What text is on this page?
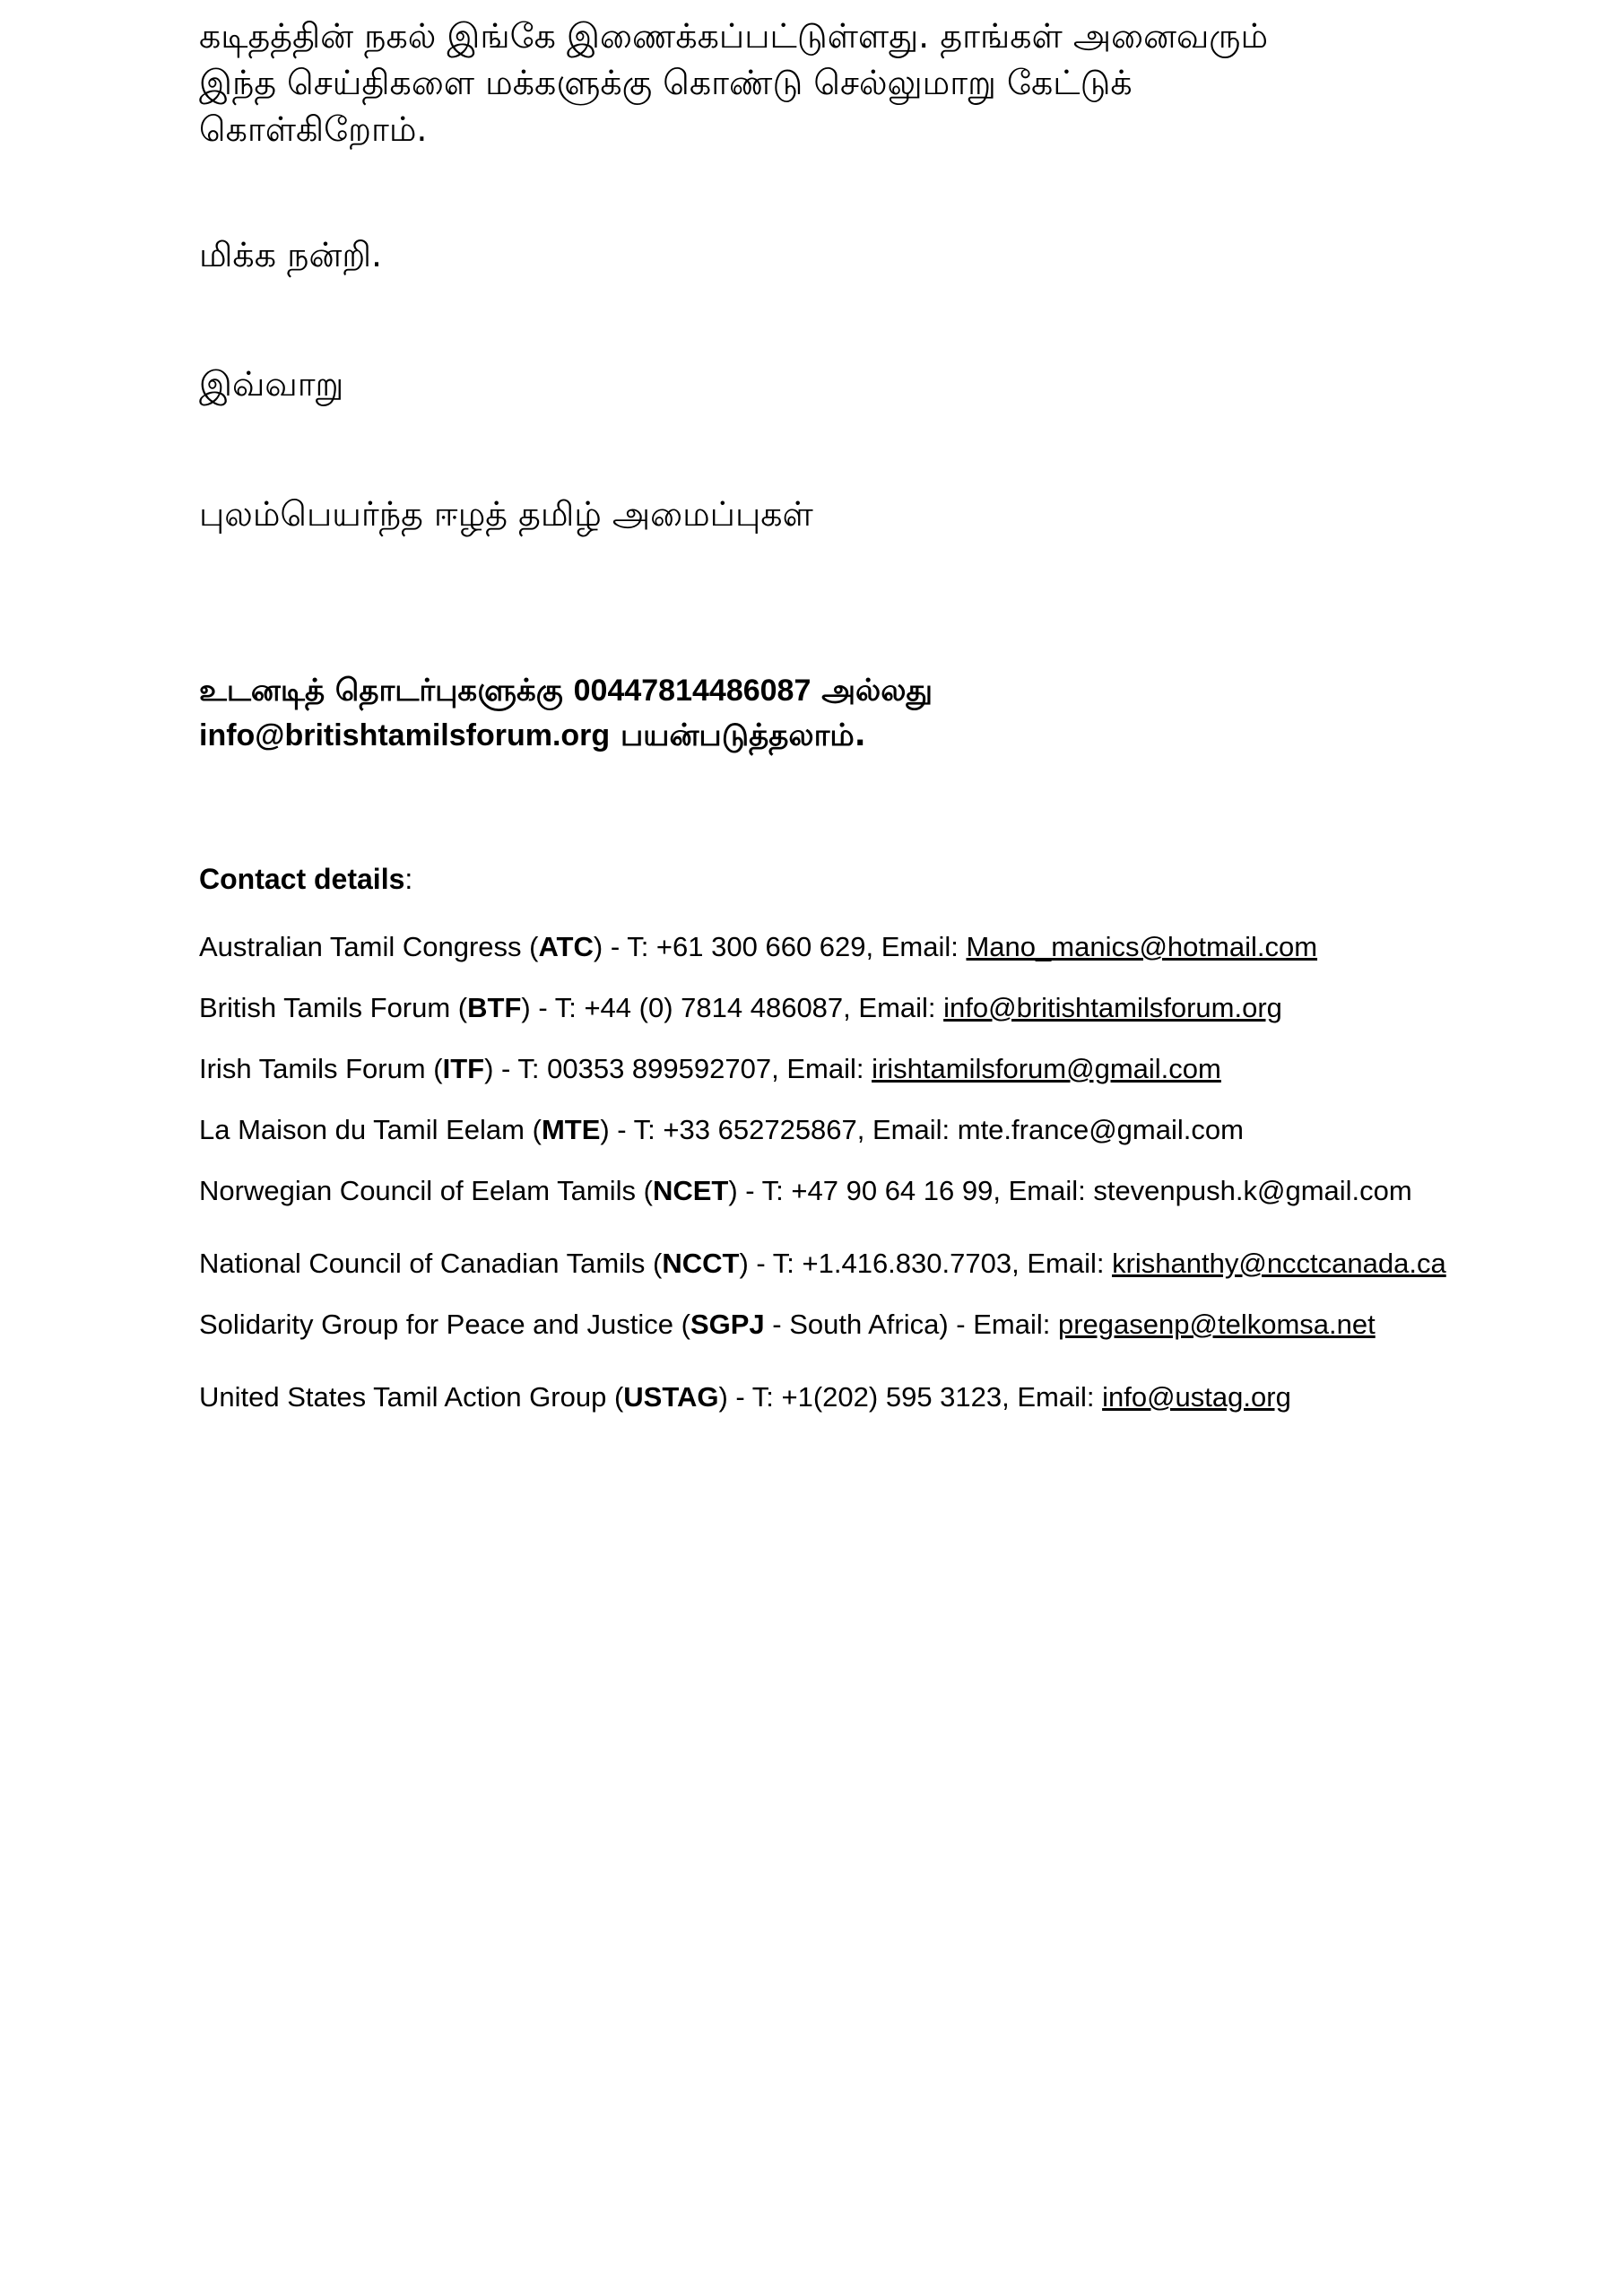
கடிதத்தின் நகல் இங்கே இணைக்கப்பட்டுள்ளது. தாங்கள் அனைவரும்
இந்த செய்திகளை மக்களுக்கு கொண்டு செல்லுமாறு கேட்டுக்
கொள்கிறோம்.

மிக்க நன்றி.

இவ்வாறு

புலம்பெயர்ந்த ஈழத் தமிழ் அமைப்புகள்

உடனடித் தொடர்புகளுக்கு 00447814486087 அல்லது
info@britishtamilsforum.org பயன்படுத்தலாம்.

Contact details:

Australian Tamil Congress (ATC) - T: +61 300 660 629, Email: Mano_manics@hotmail.com

British Tamils Forum (BTF) - T: +44 (0) 7814 486087, Email: info@britishtamilsforum.org

Irish Tamils Forum (ITF) - T: 00353 899592707, Email: irishtamilsforum@gmail.com

La Maison du Tamil Eelam (MTE) - T: +33 652725867, Email: mte.france@gmail.com

Norwegian Council of Eelam Tamils (NCET) - T: +47 90 64 16 99, Email: stevenpush.k@gmail.com

National Council of Canadian Tamils (NCCT) - T: +1.416.830.7703, Email: krishanthy@ncctcanada.ca

Solidarity Group for Peace and Justice (SGPJ - South Africa) - Email: pregasenp@telkomsa.net

United States Tamil Action Group (USTAG) - T: +1(202) 595 3123, Email: info@ustag.org
